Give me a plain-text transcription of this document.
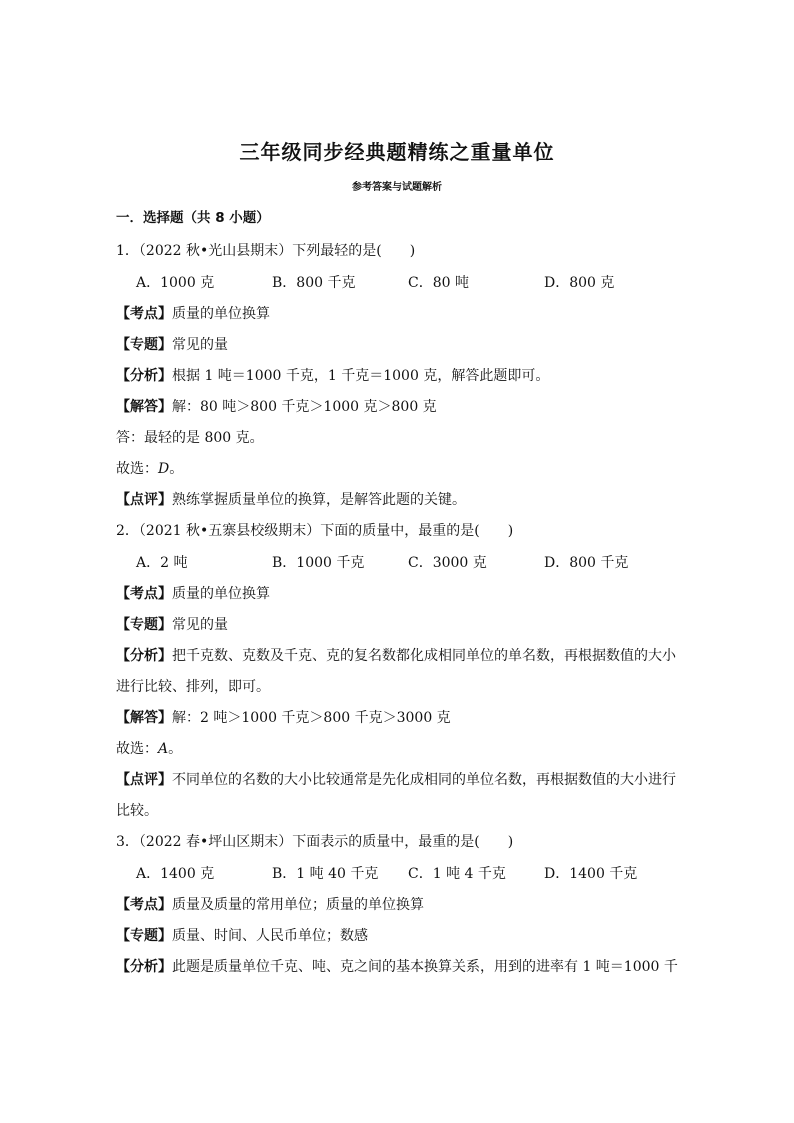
三年级同步经典题精练之重量单位
参考答案与试题解析
一．选择题（共 8 小题）
1．（2022 秋•光山县期末）下列最轻的是(　　)
A．1000 克	B．800 千克	C．80 吨	D．800 克
【考点】质量的单位换算
【专题】常见的量
【分析】根据 1 吨＝1000 千克，1 千克＝1000 克，解答此题即可。
【解答】解：80 吨＞800 千克＞1000 克＞800 克
答：最轻的是 800 克。
故选：D。
【点评】熟练掌握质量单位的换算，是解答此题的关键。
2．（2021 秋•五寨县校级期末）下面的质量中，最重的是(　　)
A．2 吨	B．1000 千克	C．3000 克	D．800 千克
【考点】质量的单位换算
【专题】常见的量
【分析】把千克数、克数及千克、克的复名数都化成相同单位的单名数，再根据数值的大小进行比较、排列，即可。
【解答】解：2 吨＞1000 千克＞800 千克＞3000 克
故选：A。
【点评】不同单位的名数的大小比较通常是先化成相同的单位名数，再根据数值的大小进行比较。
3．（2022 春•坪山区期末）下面表示的质量中，最重的是(　　)
A．1400 克	B．1 吨 40 千克	C．1 吨 4 千克	D．1400 千克
【考点】质量及质量的常用单位；质量的单位换算
【专题】质量、时间、人民币单位；数感
【分析】此题是质量单位千克、吨、克之间的基本换算关系，用到的进率有 1 吨＝1000 千
